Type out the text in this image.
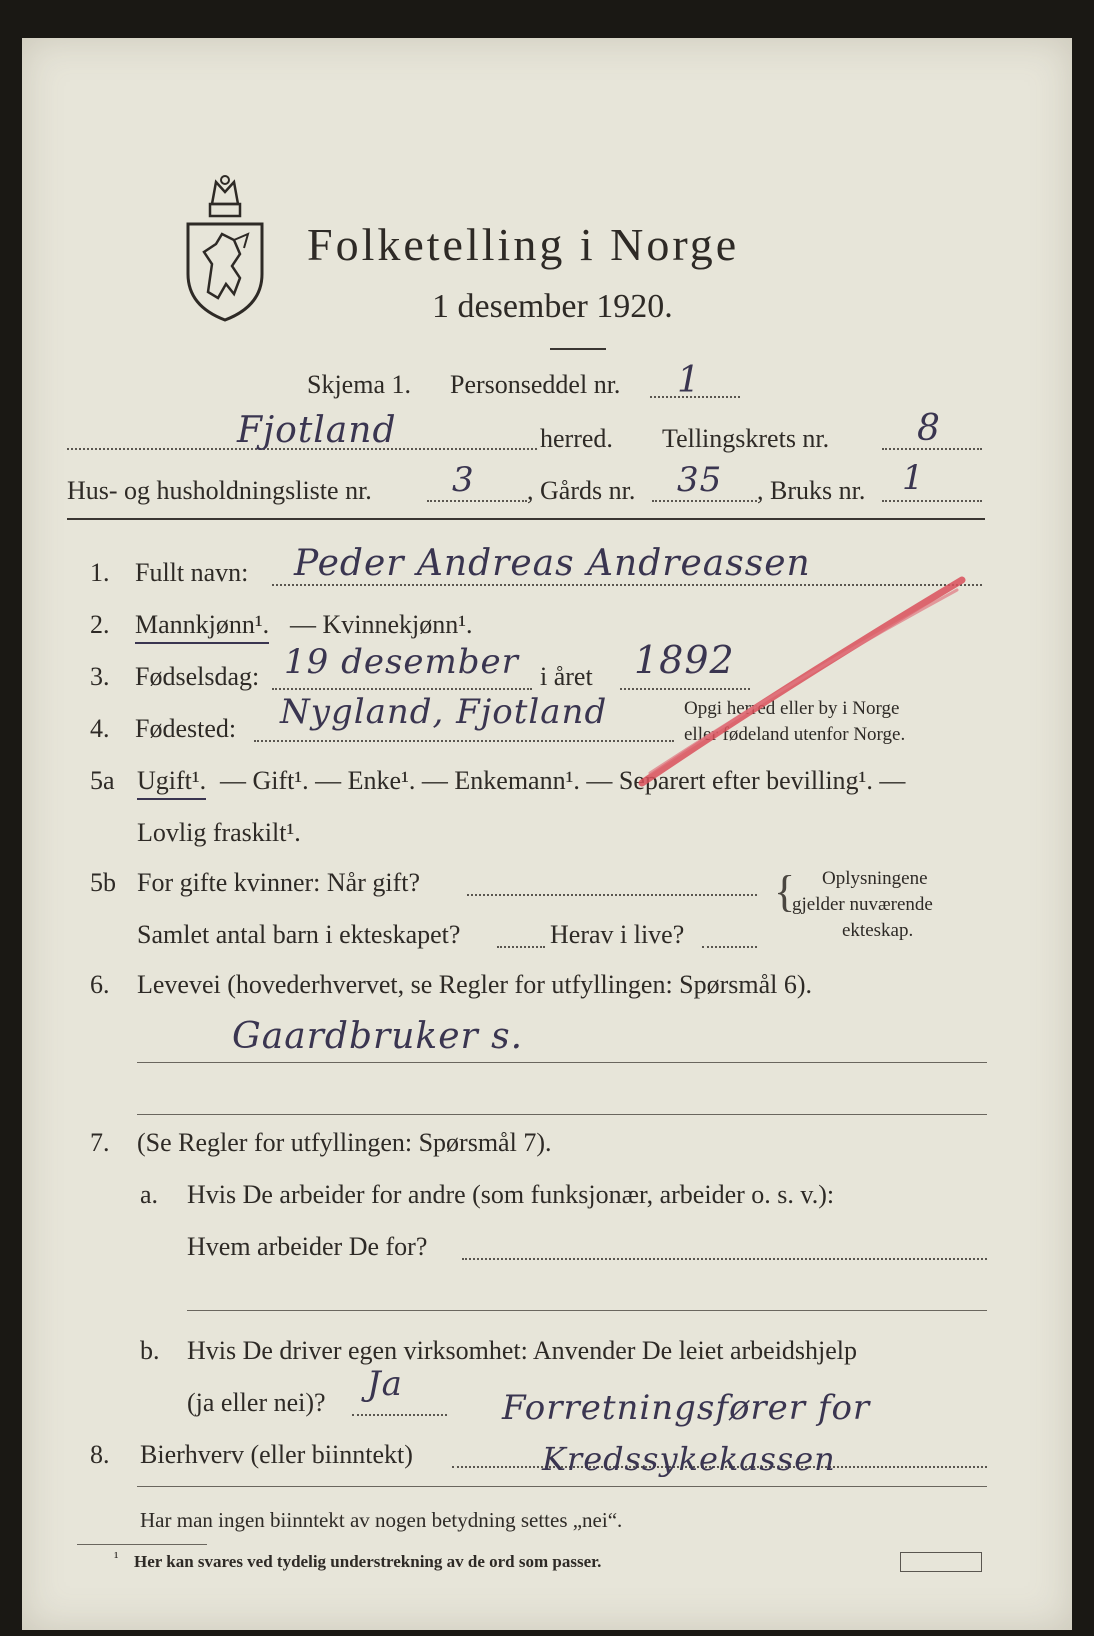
Folketelling i Norge
1 desember 1920.
Skjema 1. Personseddel nr. 1
Fjotland	herred. Tellingskrets nr. 8
Hus- og husholdningsliste nr. 3 , Gårds nr. 35 , Bruks nr. 1
1. Fullt navn: Peder Andreas Andreassen
2. Mannkjønn¹. — Kvinnekjønn¹.
3. Fødselsdag: 19 desember i året 1892
4. Fødested: Nygland, Fjotland	Opgi herred eller by i Norge
eller fødeland utenfor Norge.
5a Ugift¹. — Gift¹. — Enke¹. — Enkemann¹. — Separert efter bevilling¹. —
Lovlig fraskilt¹.
5b For gifte kvinner: Når gift?
Samlet antal barn i ekteskapet?	Herav i live?
{ Oplysningene
gjelder nuværende
ekteskap.
6. Levevei (hovederhvervet, se Regler for utfyllingen: Spørsmål 6).
Gaardbruker s.
7. (Se Regler for utfyllingen: Spørsmål 7).
a. Hvis De arbeider for andre (som funksjonær, arbeider o. s. v.):
Hvem arbeider De for?
b. Hvis De driver egen virksomhet: Anvender De leiet arbeidshjelp
(ja eller nei)? Ja
8. Bierhverv (eller biinntekt)
Forretningsfører for
Kredssykekassen
Har man ingen biinntekt av nogen betydning settes „nei“.
¹ Her kan svares ved tydelig understrekning av de ord som passer.
